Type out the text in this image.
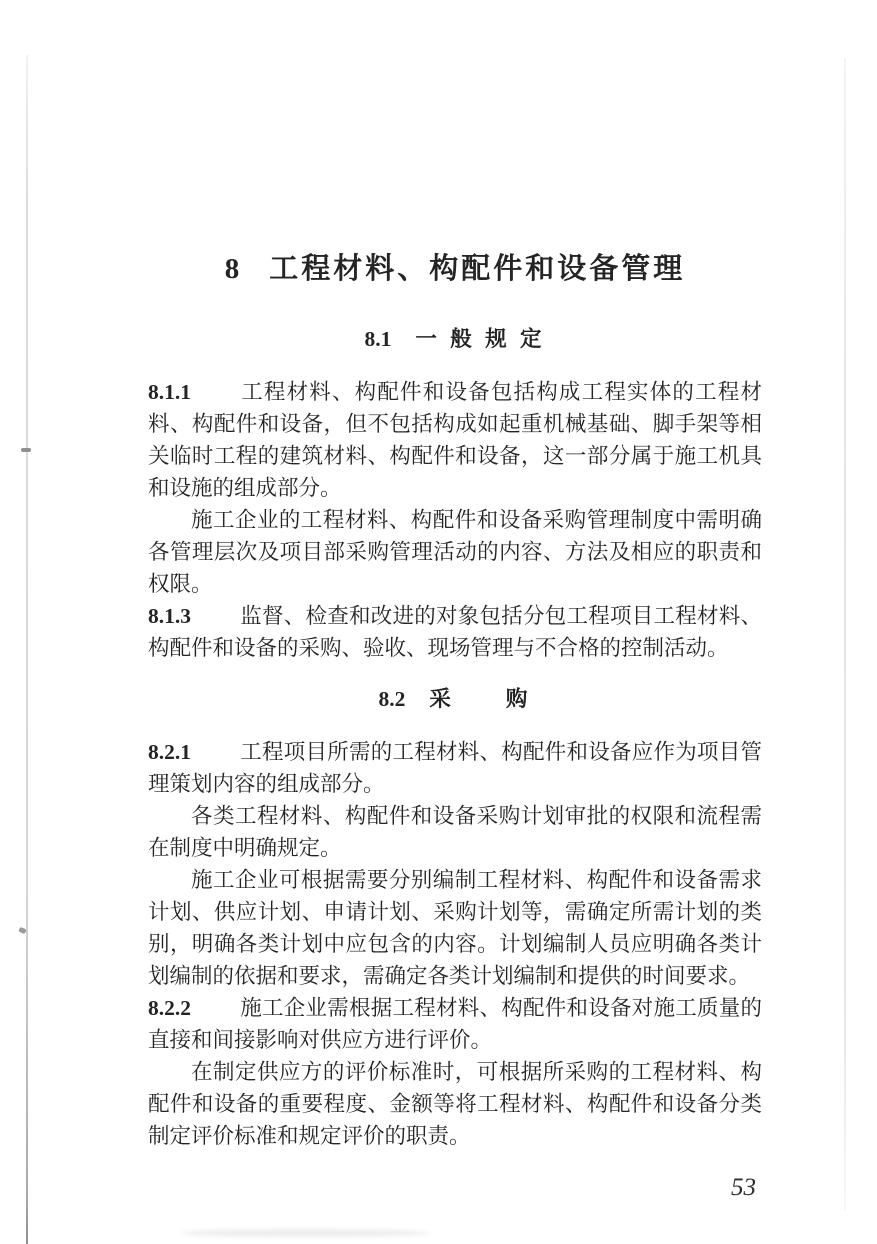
8 工程材料、构配件和设备管理
8.1 一 般 规 定

8.1.1 工程材料、构配件和设备包括构成工程实体的工程材料、构配件和设备，但不包括构成如起重机械基础、脚手架等相关临时工程的建筑材料、构配件和设备，这一部分属于施工机具和设施的组成部分。

施工企业的工程材料、构配件和设备采购管理制度中需明确各管理层次及项目部采购管理活动的内容、方法及相应的职责和权限。

8.1.3 监督、检查和改进的对象包括分包工程项目工程材料、构配件和设备的采购、验收、现场管理与不合格的控制活动。

8.2 采　　购

8.2.1 工程项目所需的工程材料、构配件和设备应作为项目管理策划内容的组成部分。

各类工程材料、构配件和设备采购计划审批的权限和流程需在制度中明确规定。

施工企业可根据需要分别编制工程材料、构配件和设备需求计划、供应计划、申请计划、采购计划等，需确定所需计划的类别，明确各类计划中应包含的内容。计划编制人员应明确各类计划编制的依据和要求，需确定各类计划编制和提供的时间要求。

8.2.2 施工企业需根据工程材料、构配件和设备对施工质量的直接和间接影响对供应方进行评价。

在制定供应方的评价标准时，可根据所采购的工程材料、构配件和设备的重要程度、金额等将工程材料、构配件和设备分类制定评价标准和规定评价的职责。

53
